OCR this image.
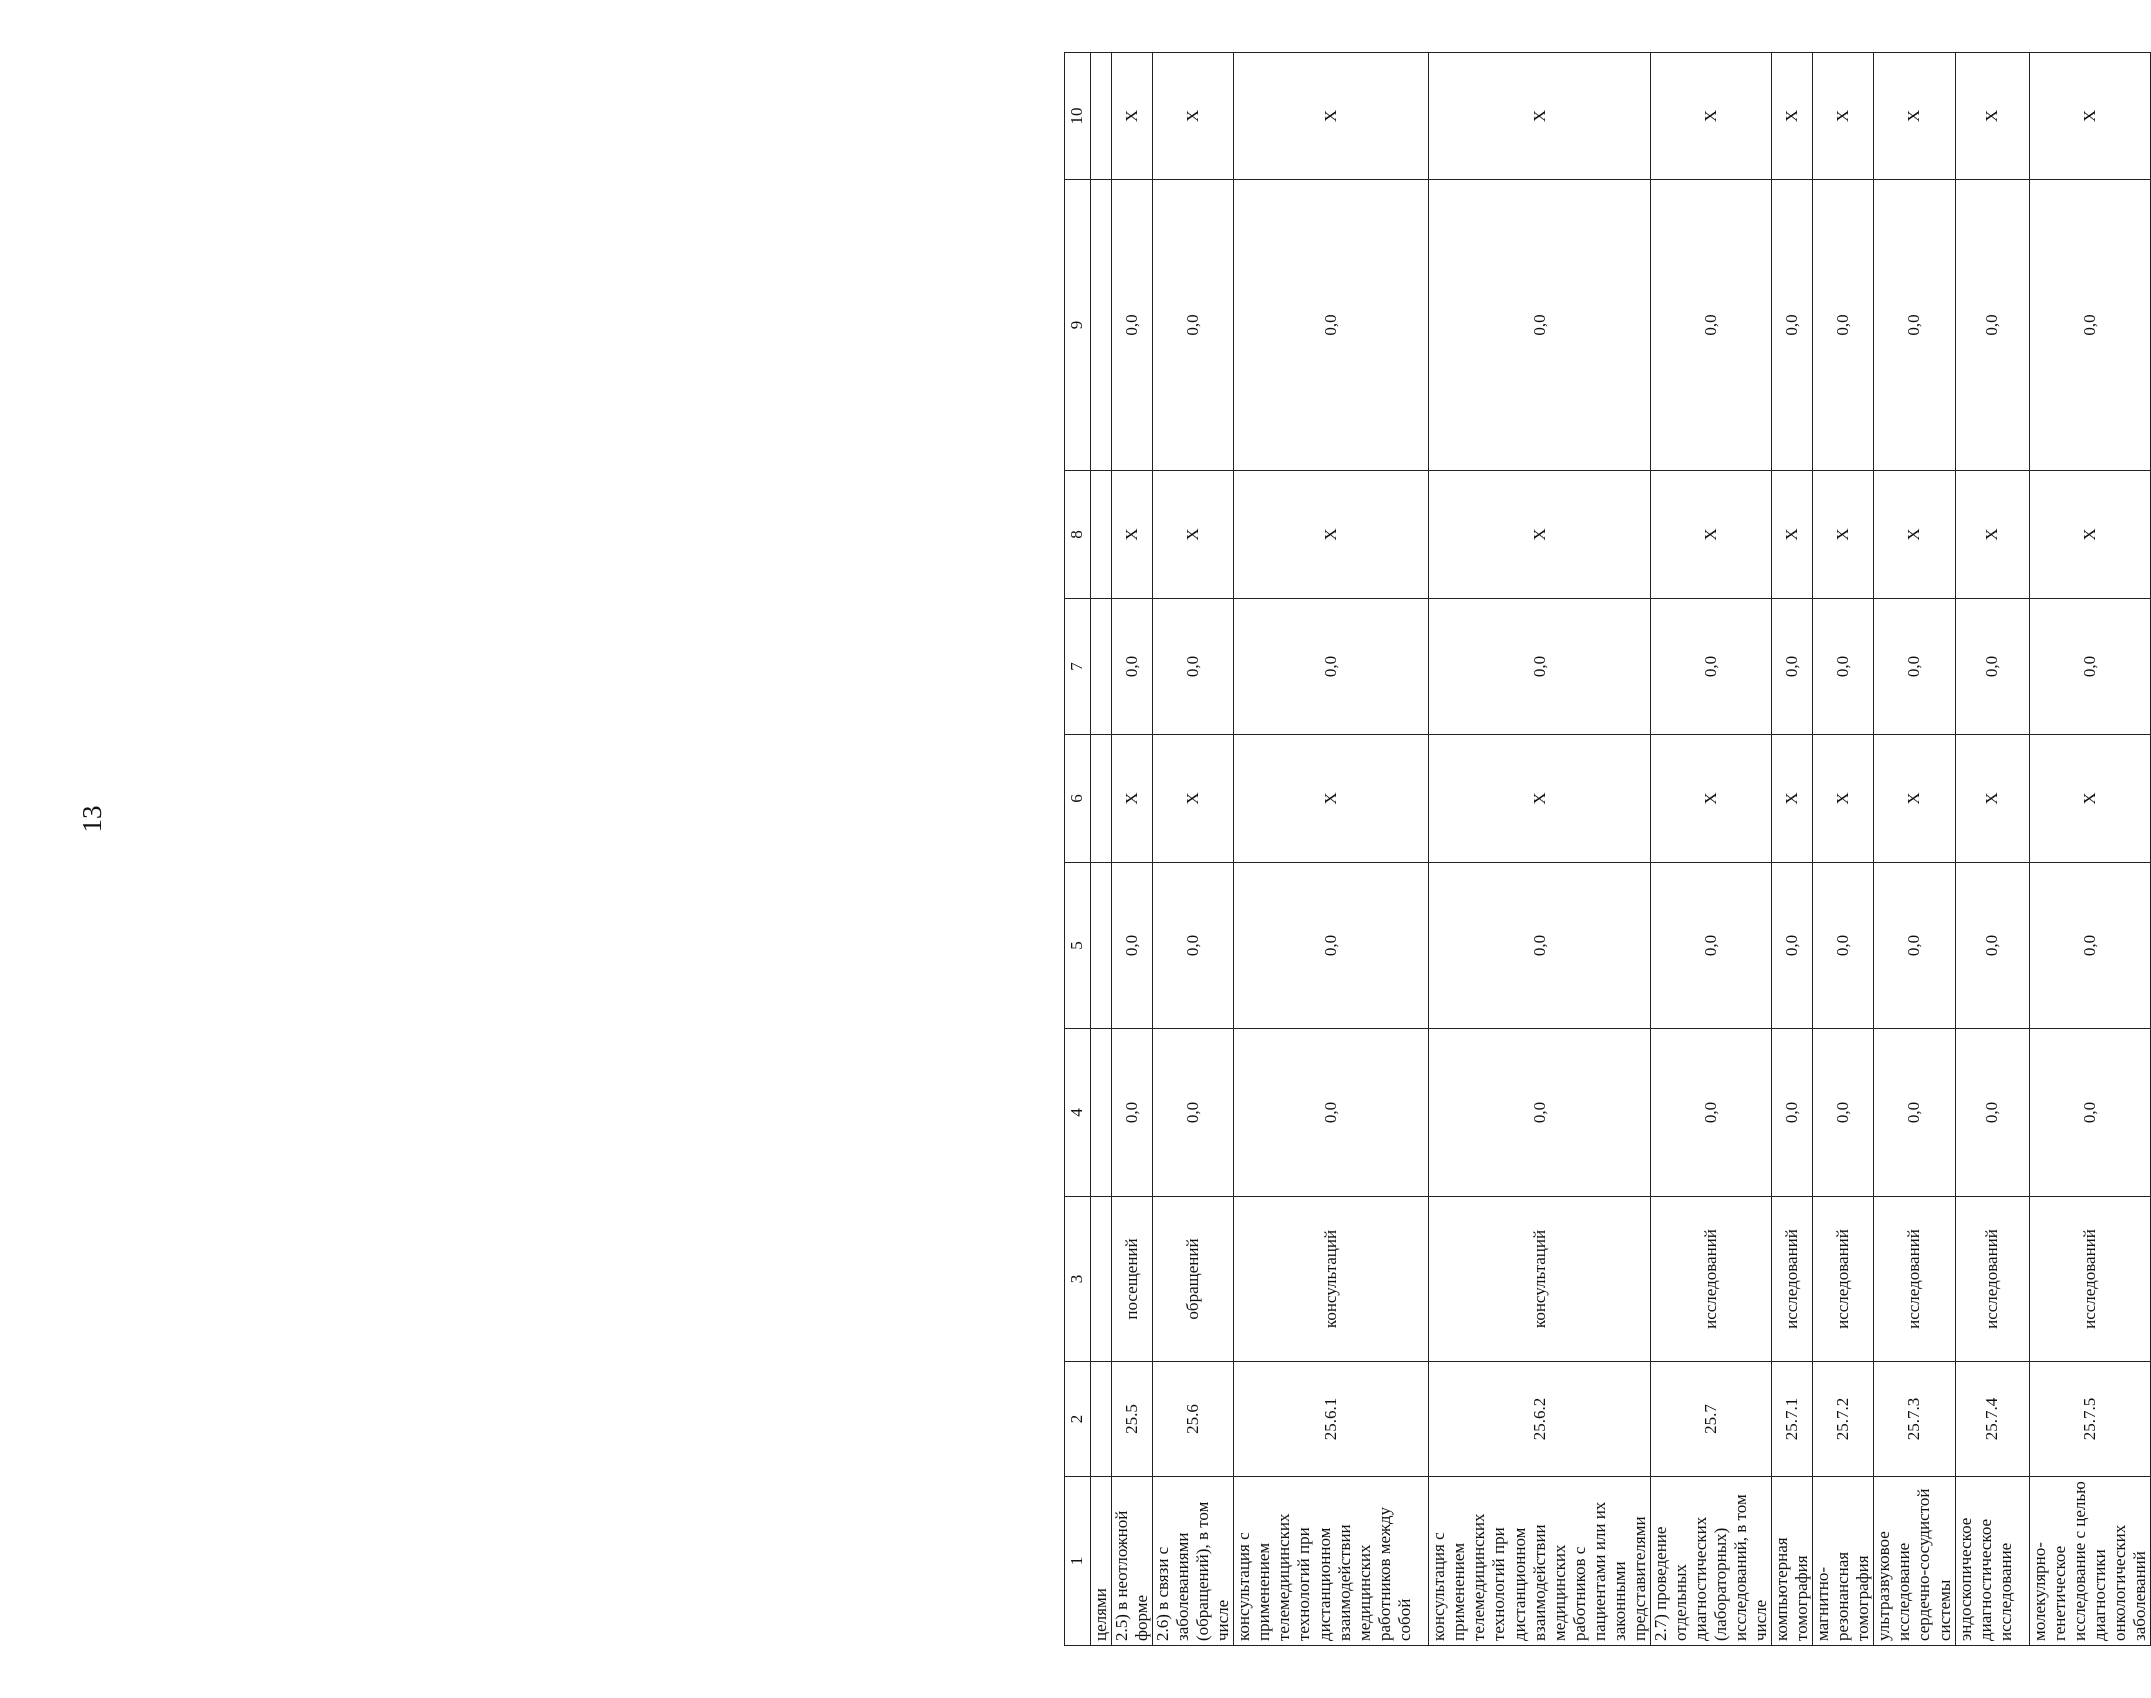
13
1	2	3	4	5	6	7	8	9	10
целями									
2.5) в неотложной форме	25.5	посещений	0,0	0,0	X	0,0	X	0,0	X
2.6) в связи с заболеваниями (обращений), в том числе	25.6	обращений	0,0	0,0	X	0,0	X	0,0	X
консультация с применением телемедицинских технологий при дистанционном взаимодействии медицинских работников между собой	25.6.1	консультаций	0,0	0,0	X	0,0	X	0,0	X
консультация с применением телемедицинских технологий при дистанционном взаимодействии медицинских работников с пациентами или их законными представителями	25.6.2	консультаций	0,0	0,0	X	0,0	X	0,0	X
2.7) проведение отдельных диагностических (лабораторных) исследований, в том числе	25.7	исследований	0,0	0,0	X	0,0	X	0,0	X
компьютерная томография	25.7.1	исследований	0,0	0,0	X	0,0	X	0,0	X
магнитно-резонансная томография	25.7.2	исследований	0,0	0,0	X	0,0	X	0,0	X
ультразвуковое исследование сердечно-сосудистой системы	25.7.3	исследований	0,0	0,0	X	0,0	X	0,0	X
эндоскопическое диагностическое исследование	25.7.4	исследований	0,0	0,0	X	0,0	X	0,0	X
молекулярно-генетическое исследование с целью диагностики онкологических заболеваний	25.7.5	исследований	0,0	0,0	X	0,0	X	0,0	X
